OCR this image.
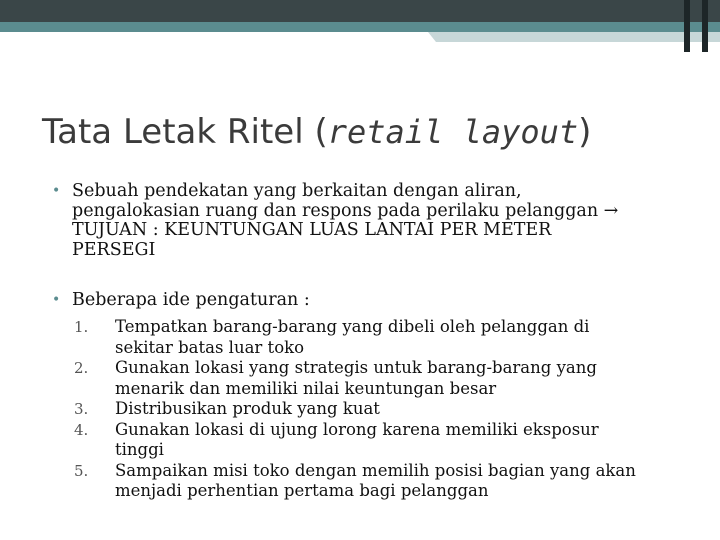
Tata Letak Ritel (retail layout)
• Sebuah pendekatan yang berkaitan dengan aliran,
pengalokasian ruang dan respons pada perilaku pelanggan →
TUJUAN : KEUNTUNGAN LUAS LANTAI PER METER
PERSEGI
• Beberapa ide pengaturan :
1. Tempatkan barang-barang yang dibeli oleh pelanggan di
sekitar batas luar toko
2. Gunakan lokasi yang strategis untuk barang-barang yang
menarik dan memiliki nilai keuntungan besar
3. Distribusikan produk yang kuat
4. Gunakan lokasi di ujung lorong karena memiliki eksposur
tinggi
5. Sampaikan misi toko dengan memilih posisi bagian yang akan
menjadi perhentian pertama bagi pelanggan
